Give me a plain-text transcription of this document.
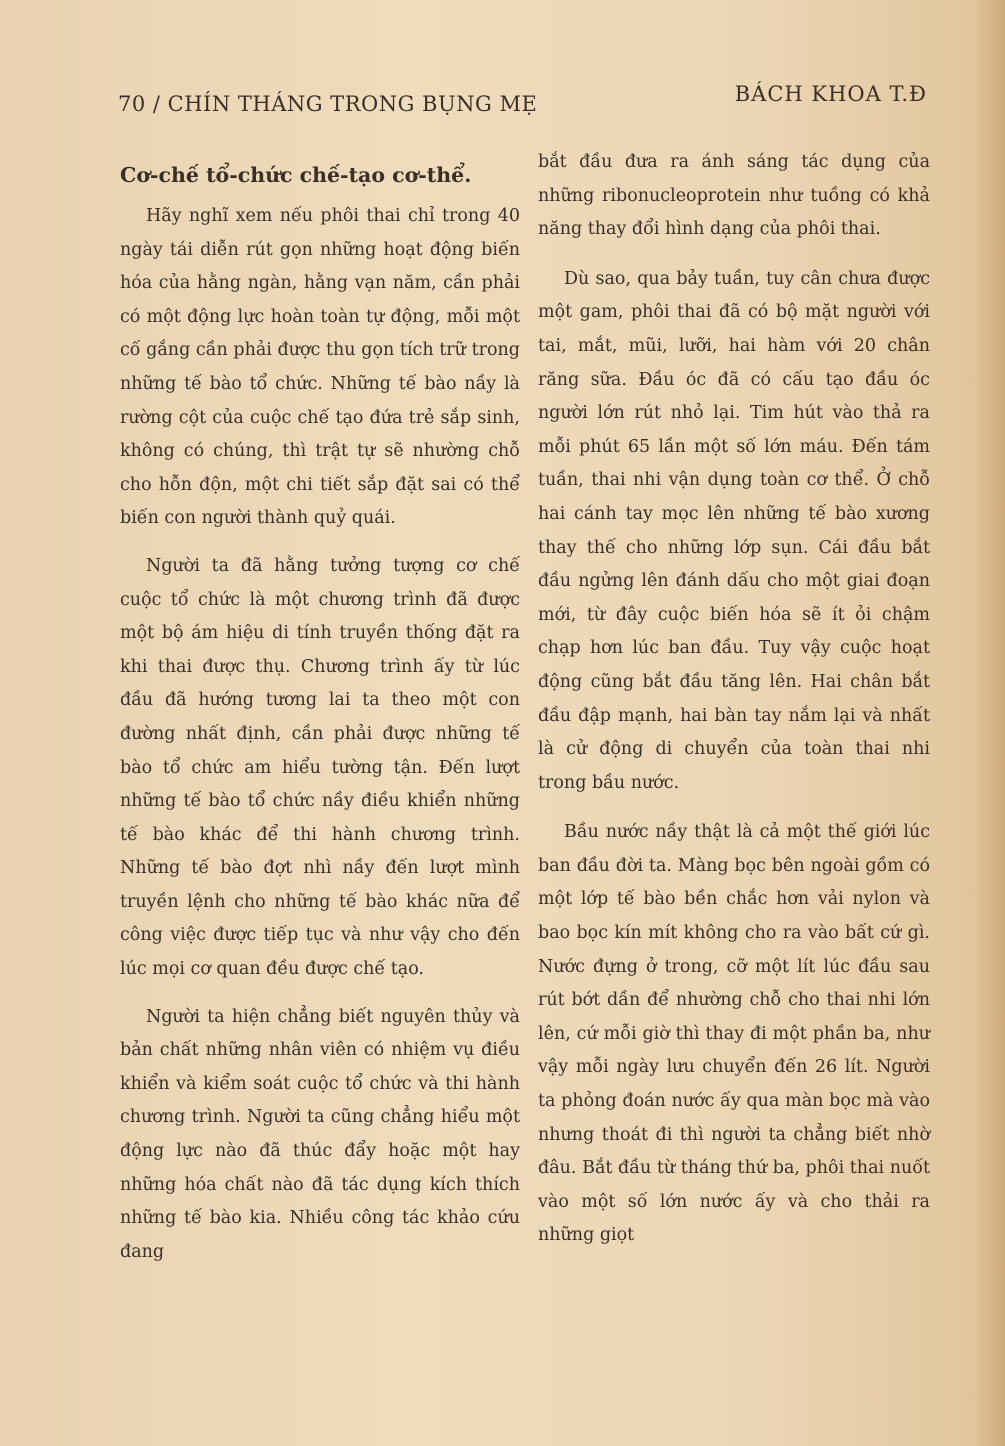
70 / CHÍN THÁNG TRONG BỤNG MẸ	BÁCH KHOA T.Đ
Cơ-chế tổ-chức chế-tạo cơ-thể.

Hãy nghĩ xem nếu phôi thai chỉ trong 40 ngày tái diễn rút gọn những hoạt động biến hóa của hằng ngàn, hằng vạn năm, cần phải có một động lực hoàn toàn tự động, mỗi một cố gắng cần phải được thu gọn tích trữ trong những tế bào tổ chức. Những tế bào nầy là rường cột của cuộc chế tạo đứa trẻ sắp sinh, không có chúng, thì trật tự sẽ nhường chỗ cho hỗn độn, một chi tiết sắp đặt sai có thể biến con người thành quỷ quái.

Người ta đã hằng tưởng tượng cơ chế cuộc tổ chức là một chương trình đã được một bộ ám hiệu di tính truyền thống đặt ra khi thai được thụ. Chương trình ấy từ lúc đầu đã hướng tương lai ta theo một con đường nhất định, cần phải được những tế bào tổ chức am hiểu tường tận. Đến lượt những tế bào tổ chức nầy điều khiển những tế bào khác để thi hành chương trình. Những tế bào đợt nhì nầy đến lượt mình truyền lệnh cho những tế bào khác nữa để công việc được tiếp tục và như vậy cho đến lúc mọi cơ quan đều được chế tạo.

Người ta hiện chẳng biết nguyên thủy và bản chất những nhân viên có nhiệm vụ điều khiển và kiểm soát cuộc tổ chức và thi hành chương trình. Người ta cũng chẳng hiểu một động lực nào đã thúc đẩy hoặc một hay những hóa chất nào đã tác dụng kích thích những tế bào kia. Nhiều công tác khảo cứu đang

bắt đầu đưa ra ánh sáng tác dụng của những ribonucleoprotein như tuồng có khả năng thay đổi hình dạng của phôi thai.

Dù sao, qua bảy tuần, tuy cân chưa được một gam, phôi thai đã có bộ mặt người với tai, mắt, mũi, lưỡi, hai hàm với 20 chân răng sữa. Đầu óc đã có cấu tạo đầu óc người lớn rút nhỏ lại. Tim hút vào thả ra mỗi phút 65 lần một số lớn máu. Đến tám tuần, thai nhi vận dụng toàn cơ thể. Ở chỗ hai cánh tay mọc lên những tế bào xương thay thế cho những lớp sụn. Cái đầu bắt đầu ngửng lên đánh dấu cho một giai đoạn mới, từ đây cuộc biến hóa sẽ ít ỏi chậm chạp hơn lúc ban đầu. Tuy vậy cuộc hoạt động cũng bắt đầu tăng lên. Hai chân bắt đầu đập mạnh, hai bàn tay nắm lại và nhất là cử động di chuyển của toàn thai nhi trong bầu nước.

Bầu nước nầy thật là cả một thế giới lúc ban đầu đời ta. Màng bọc bên ngoài gồm có một lớp tế bào bền chắc hơn vải nylon và bao bọc kín mít không cho ra vào bất cứ gì. Nước đựng ở trong, cỡ một lít lúc đầu sau rút bớt dần để nhường chỗ cho thai nhi lớn lên, cứ mỗi giờ thì thay đi một phần ba, như vậy mỗi ngày lưu chuyển đến 26 lít. Người ta phỏng đoán nước ấy qua màn bọc mà vào nhưng thoát đi thì người ta chẳng biết nhờ đâu. Bắt đầu từ tháng thứ ba, phôi thai nuốt vào một số lớn nước ấy và cho thải ra những giọt
